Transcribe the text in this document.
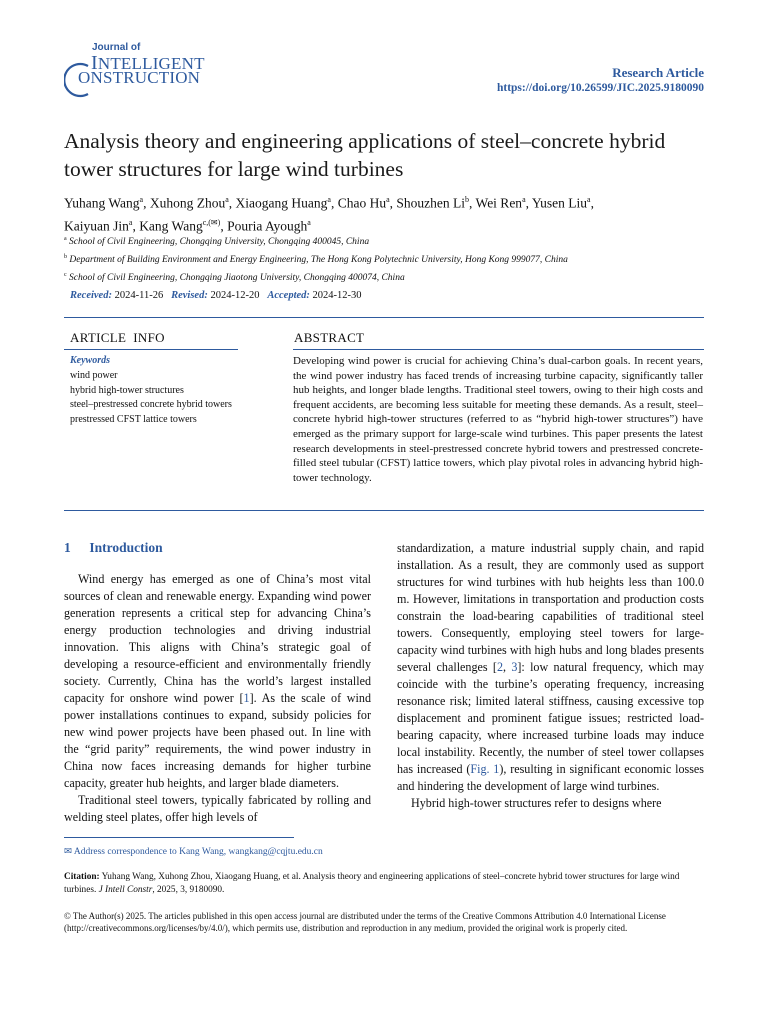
Journal of
INTELLIGENT
ONSTRUCTION	Research Article
https://doi.org/10.26599/JIC.2025.9180090
Analysis theory and engineering applications of steel–concrete hybrid tower structures for large wind turbines
Yuhang Wang$^a$, Xuhong Zhou$^a$, Xiaogang Huang$^a$, Chao Hu$^a$, Shouzhen Li$^b$, Wei Ren$^a$, Yusen Liu$^a$,
Kaiyuan Jin$^a$, Kang Wang$^{c,(✉)}$, Pouria Ayough$^a$
$^a$ School of Civil Engineering, Chongqing University, Chongqing 400045, China
$^b$ Department of Building Environment and Energy Engineering, The Hong Kong Polytechnic University, Hong Kong 999077, China
$^c$ School of Civil Engineering, Chongqing Jiaotong University, Chongqing 400074, China
Received: 2024-11-26 Revised: 2024-12-20 Accepted: 2024-12-30
ARTICLE  INFO
Keywords
wind power
hybrid high-tower structures
steel–prestressed concrete hybrid towers
prestressed CFST lattice towers
ABSTRACT
Developing wind power is crucial for achieving China’s dual-carbon goals. In recent years, the wind power industry has faced trends of increasing turbine capacity, significantly taller hub heights, and longer blade lengths. Traditional steel towers, owing to their high costs and frequent accidents, are becoming less suitable for meeting these demands. As a result, steel–concrete hybrid high-tower structures (referred to as “hybrid high-tower structures”) have emerged as the primary support for large-scale wind turbines. This paper presents the latest research developments in steel-prestressed concrete hybrid towers and prestressed concrete-filled steel tubular (CFST) lattice towers, which play pivotal roles in advancing hybrid high-tower technology.
1 Introduction

Wind energy has emerged as one of China’s most vital sources of clean and renewable energy. Expanding wind power generation represents a critical step for advancing China’s energy production technologies and driving industrial innovation. This aligns with China’s strategic goal of developing a resource-efficient and environmentally friendly society. Currently, China has the world’s largest installed capacity for onshore wind power [1]. As the scale of wind power installations continues to expand, subsidy policies for new wind power projects have been phased out. In line with the “grid parity” requirements, the wind power industry in China now faces increasing demands for higher turbine capacity, greater hub heights, and larger blade diameters.

Traditional steel towers, typically fabricated by rolling and welding steel plates, offer high levels of

standardization, a mature industrial supply chain, and rapid installation. As a result, they are commonly used as support structures for wind turbines with hub heights less than 100.0 m. However, limitations in transportation and production costs constrain the load-bearing capabilities of traditional steel towers. Consequently, employing steel towers for large-capacity wind turbines with high hubs and long blades presents several challenges [2, 3]: low natural frequency, which may coincide with the turbine’s operating frequency, increasing resonance risk; limited lateral stiffness, causing excessive top displacement and prominent fatigue issues; restricted load-bearing capacity, where increased turbine loads may induce local instability. Recently, the number of steel tower collapses has increased (Fig. 1), resulting in significant economic losses and hindering the development of large wind turbines.

Hybrid high-tower structures refer to designs where

✉ Address correspondence to Kang Wang, wangkang@cqjtu.edu.cn
Citation: Yuhang Wang, Xuhong Zhou, Xiaogang Huang, et al. Analysis theory and engineering applications of steel–concrete hybrid tower structures for large wind turbines. J Intell Constr, 2025, 3, 9180090.
© The Author(s) 2025. The articles published in this open access journal are distributed under the terms of the Creative Commons Attribution 4.0 International License (http://creativecommons.org/licenses/by/4.0/), which permits use, distribution and reproduction in any medium, provided the original work is properly cited.
